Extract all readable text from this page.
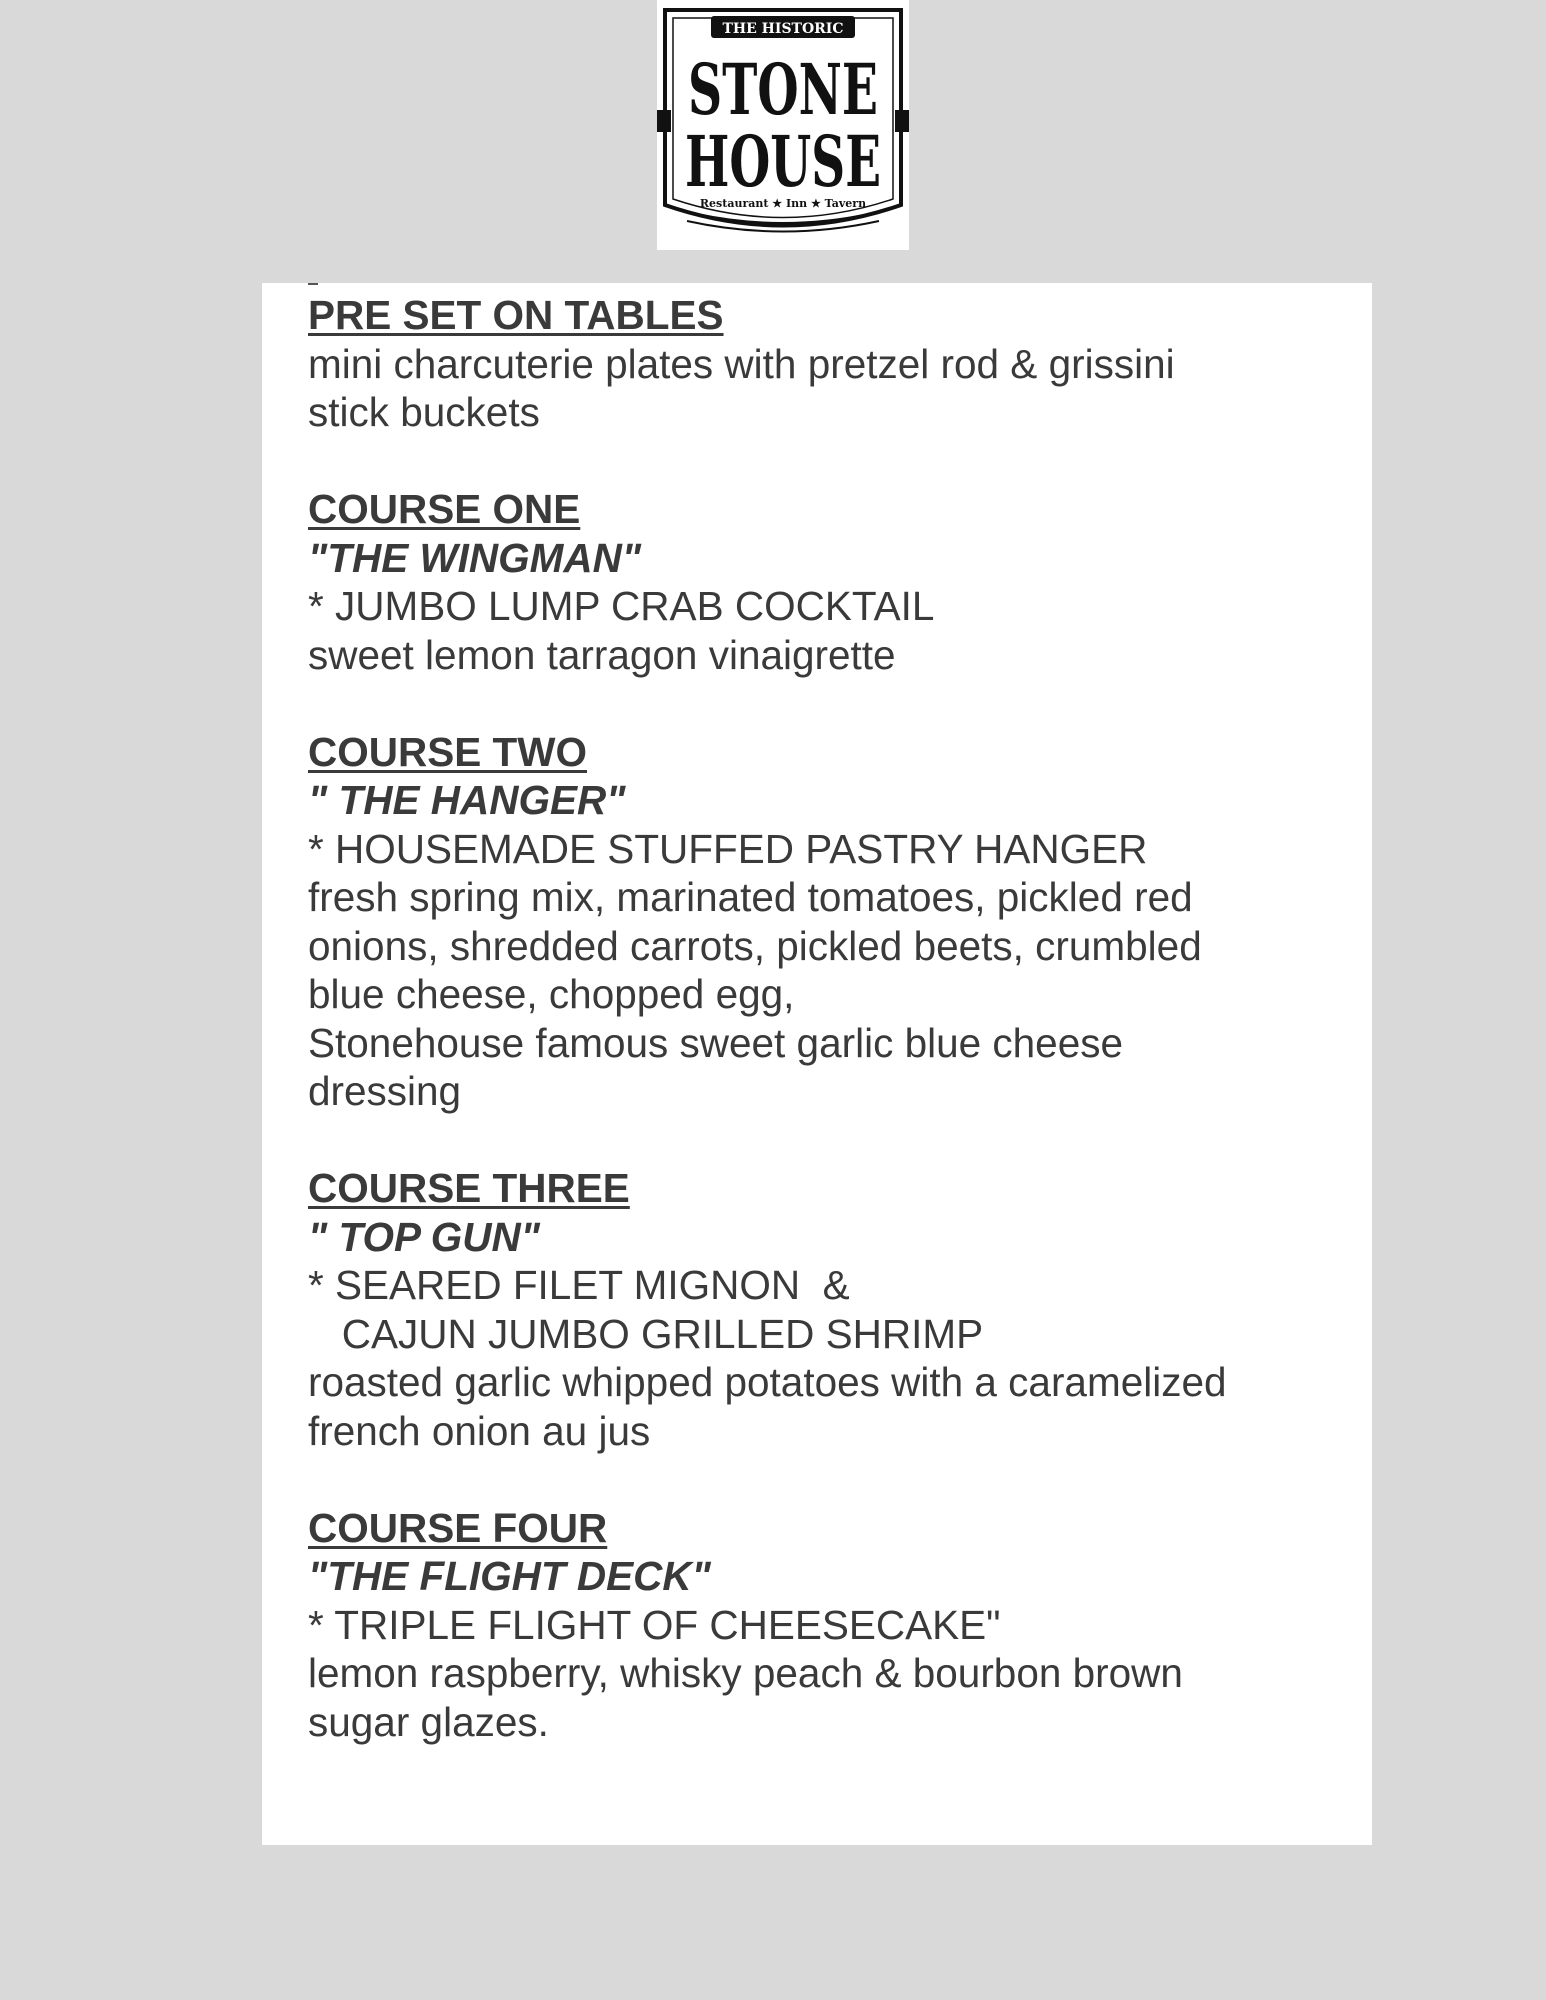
THE HISTORIC
STONE
HOUSE
Restaurant ★ Inn ★ Tavern
PRE SET ON TABLES
mini charcuterie plates with pretzel rod & grissini
stick buckets
COURSE ONE
"THE WINGMAN"
* JUMBO LUMP CRAB COCKTAIL
sweet lemon tarragon vinaigrette
COURSE TWO
" THE HANGER"
* HOUSEMADE STUFFED PASTRY HANGER
fresh spring mix, marinated tomatoes, pickled red
onions, shredded carrots, pickled beets, crumbled
blue cheese, chopped egg,
Stonehouse famous sweet garlic blue cheese
dressing
COURSE THREE
" TOP GUN"
* SEARED FILET MIGNON  &
CAJUN JUMBO GRILLED SHRIMP
roasted garlic whipped potatoes with a caramelized
french onion au jus
COURSE FOUR
"THE FLIGHT DECK"
* TRIPLE FLIGHT OF CHEESECAKE"
lemon raspberry, whisky peach & bourbon brown
sugar glazes.
